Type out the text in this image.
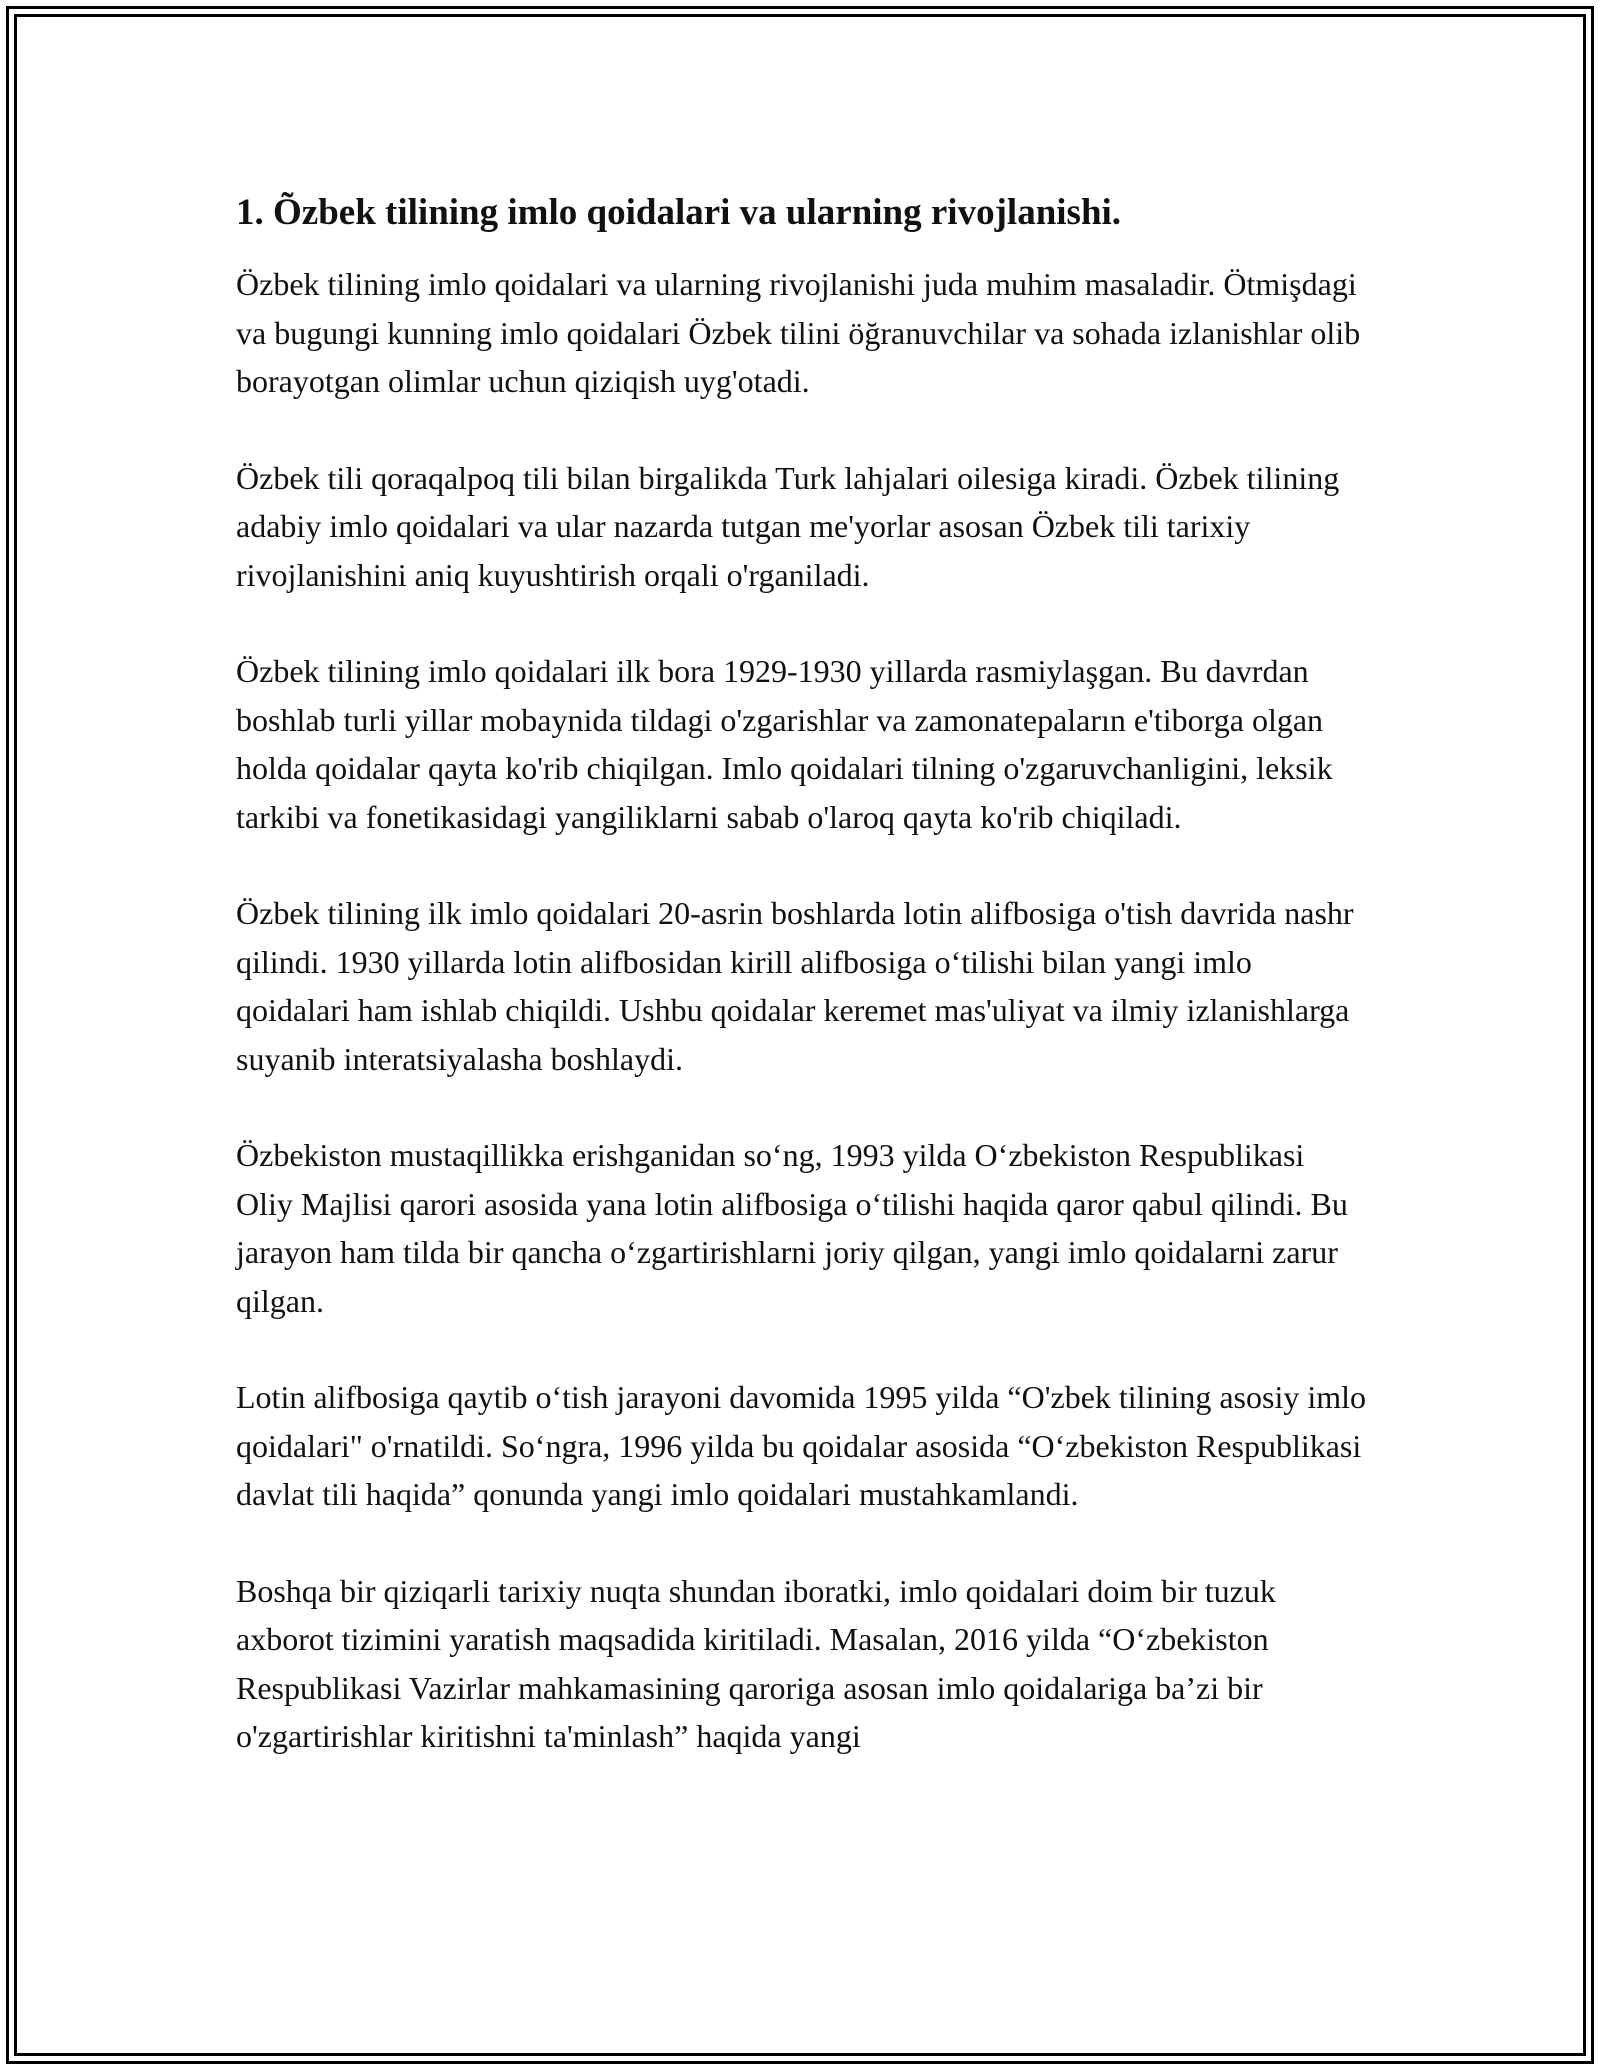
1. Õzbek tilining imlo qoidalari va ularning rivojlanishi.

Özbek tilining imlo qoidalari va ularning rivojlanishi juda muhim masaladir. Ötmişdagi va bugungi kunning imlo qoidalari Özbek tilini öğranuvchilar va sohada izlanishlar olib borayotgan olimlar uchun qiziqish uyg'otadi.

Özbek tili qoraqalpoq tili bilan birgalikda Turk lahjalari oilesiga kiradi. Özbek tilining adabiy imlo qoidalari va ular nazarda tutgan me'yorlar asosan Özbek tili tarixiy rivojlanishini aniq kuyushtirish orqali o'rganiladi.

Özbek tilining imlo qoidalari ilk bora 1929-1930 yillarda rasmiylaşgan. Bu davrdan boshlab turli yillar mobaynida tildagi o'zgarishlar va zamonatepaların e'tiborga olgan holda qoidalar qayta ko'rib chiqilgan. Imlo qoidalari tilning o'zgaruvchanligini, leksik tarkibi va fonetikasidagi yangiliklarni sabab o'laroq qayta ko'rib chiqiladi.

Özbek tilining ilk imlo qoidalari 20-asrin boshlarda lotin alifbosiga o'tish davrida nashr qilindi. 1930 yillarda lotin alifbosidan kirill alifbosiga o‘tilishi bilan yangi imlo qoidalari ham ishlab chiqildi. Ushbu qoidalar keremet mas'uliyat va ilmiy izlanishlarga suyanib interatsiyalasha boshlaydi.

Özbekiston mustaqillikka erishganidan so‘ng, 1993 yilda O‘zbekiston Respublikasi Oliy Majlisi qarori asosida yana lotin alifbosiga o‘tilishi haqida qaror qabul qilindi. Bu jarayon ham tilda bir qancha o‘zgartirishlarni joriy qilgan, yangi imlo qoidalarni zarur qilgan.

Lotin alifbosiga qaytib o‘tish jarayoni davomida 1995 yilda “O'zbek tilining asosiy imlo qoidalari" o'rnatildi. So‘ngra, 1996 yilda bu qoidalar asosida “O‘zbekiston Respublikasi davlat tili haqida” qonunda yangi imlo qoidalari mustahkamlandi.

Boshqa bir qiziqarli tarixiy nuqta shundan iboratki, imlo qoidalari doim bir tuzuk axborot tizimini yaratish maqsadida kiritiladi. Masalan, 2016 yilda “O‘zbekiston Respublikasi Vazirlar mahkamasining qaroriga asosan imlo qoidalariga ba’zi bir o'zgartirishlar kiritishni ta'minlash” haqida yangi
